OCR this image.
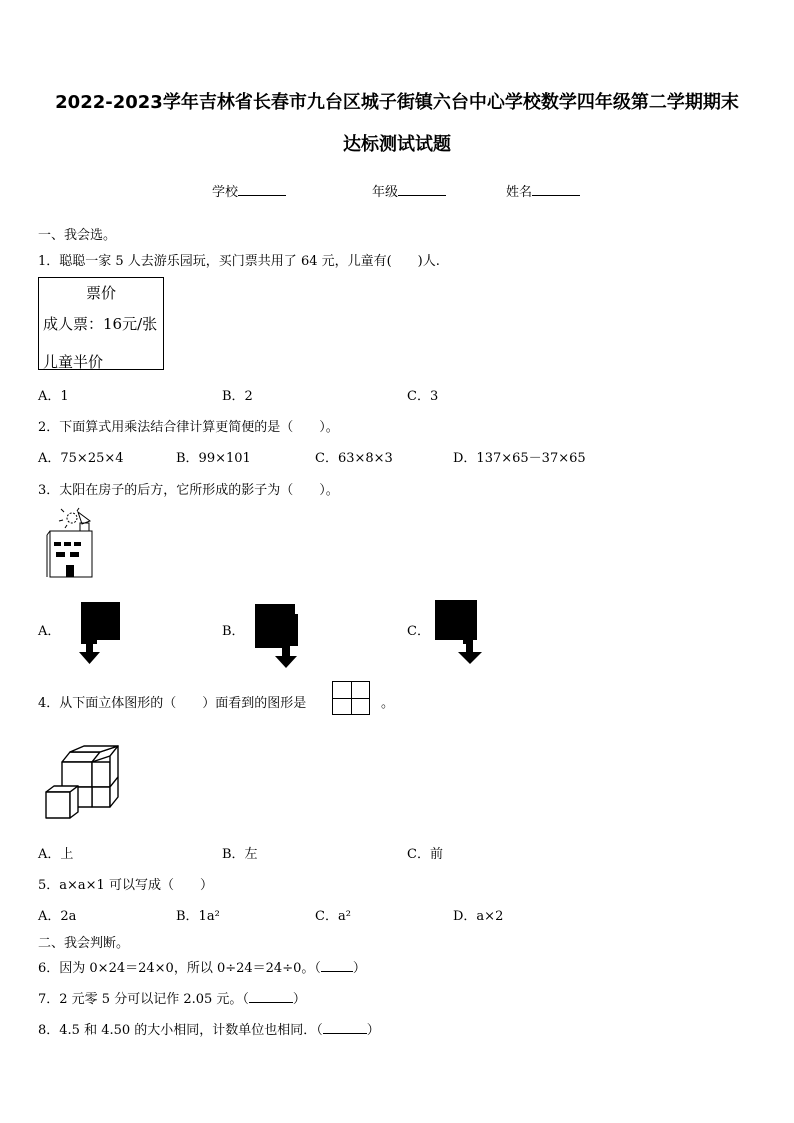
2022-2023学年吉林省长春市九台区城子街镇六台中心学校数学四年级第二学期期末
达标测试试题
学校	年级	姓名
一、我会选。
1．聪聪一家 5 人去游乐园玩，买门票共用了 64 元，儿童有(　　)人.
票价
成人票：16元/张
儿童半价
A．1	B．2	C．3
2．下面算式用乘法结合律计算更简便的是（　　）。
A．75×25×4	B．99×101	C．63×8×3	D．137×65－37×65
3．太阳在房子的后方，它所形成的影子为（　　）。
A．	B．	C．
4．从下面立体图形的（　　）面看到的图形是	。
A．上	B．左	C．前
5．a×a×1 可以写成（　　）
A．2a	B．1a²	C．a²	D．a×2
二、我会判断。
6．因为 0×24＝24×0，所以 0÷24＝24÷0。（ ）
7．2 元零 5 分可以记作 2.05 元。（	）
8．4.5 和 4.50 的大小相同，计数单位也相同．（	）
